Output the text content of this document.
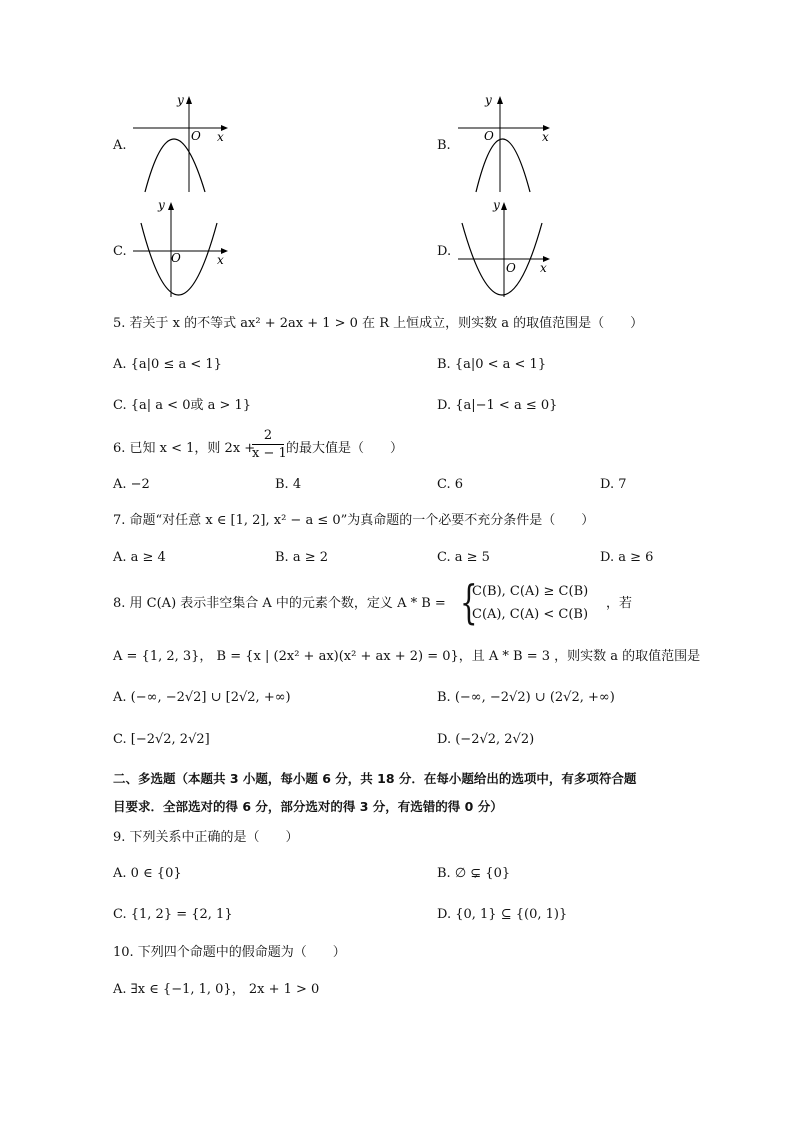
A.
y
x
O
B.
y
x
O
C.
y
x
O	D.
y
x
O
5. 若关于 x 的不等式 ax² + 2ax + 1 > 0 在 R 上恒成立，则实数 a 的取值范围是（　　）
A. {a|0 ≤ a < 1}	B. {a|0 < a < 1}
C. {a| a < 0或 a > 1}	D. {a|−1 < a ≤ 0}
6. 已知 x < 1，则 2x +
2
x − 1 的最大值是（　　）
A. −2	B. 4	C. 6	D. 7
7. 命题“对任意 x ∈ [1, 2], x² − a ≤ 0”为真命题的一个必要不充分条件是（　　）
A. a ≥ 4	B. a ≥ 2	C. a ≥ 5	D. a ≥ 6
8. 用 C(A) 表示非空集合 A 中的元素个数，定义 A * B = {
C(B), C(A) ≥ C(B)
C(A), C(A) < C(B)
，若
A = {1, 2, 3}， B = {x | (2x² + ax)(x² + ax + 2) = 0}，且 A * B = 3 ，则实数 a 的取值范围是
A. (−∞, −2√2] ∪ [2√2, +∞)	B. (−∞, −2√2) ∪ (2√2, +∞)
C. [−2√2, 2√2]	D. (−2√2, 2√2)
二、多选题（本题共 3 小题，每小题 6 分，共 18 分．在每小题给出的选项中，有多项符合题
目要求．全部选对的得 6 分，部分选对的得 3 分，有选错的得 0 分）
9. 下列关系中正确的是（　　）
A. 0 ∈ {0}	B. ∅ ⊊ {0}
C. {1, 2} = {2, 1}	D. {0, 1} ⊆ {(0, 1)}
10. 下列四个命题中的假命题为（　　）
A. ∃x ∈ {−1, 1, 0}， 2x + 1 > 0
